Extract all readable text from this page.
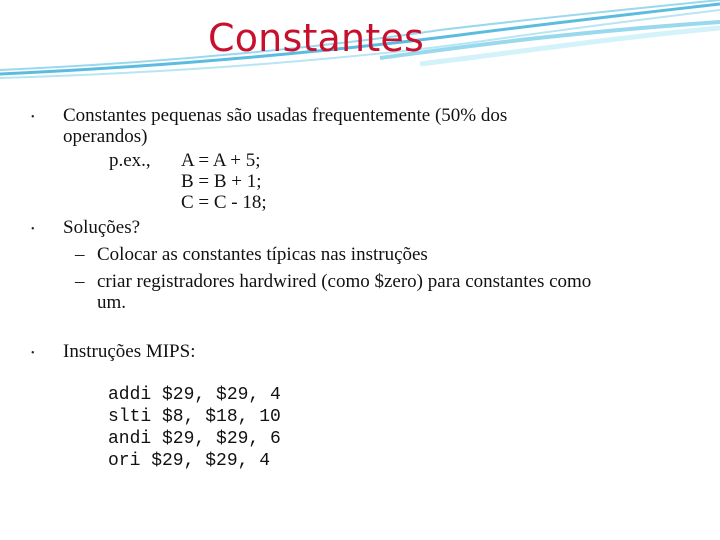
Constantes
• Constantes pequenas são usadas frequentemente (50% dos
operandos)
p.ex., A = A + 5;
B = B + 1;
C = C - 18;
• Soluções?
– Colocar as constantes típicas nas instruções
– criar registradores hardwired (como $zero) para constantes como
um.
• Instruções MIPS:
addi $29, $29, 4
slti $8, $18, 10
andi $29, $29, 6
ori $29, $29, 4
